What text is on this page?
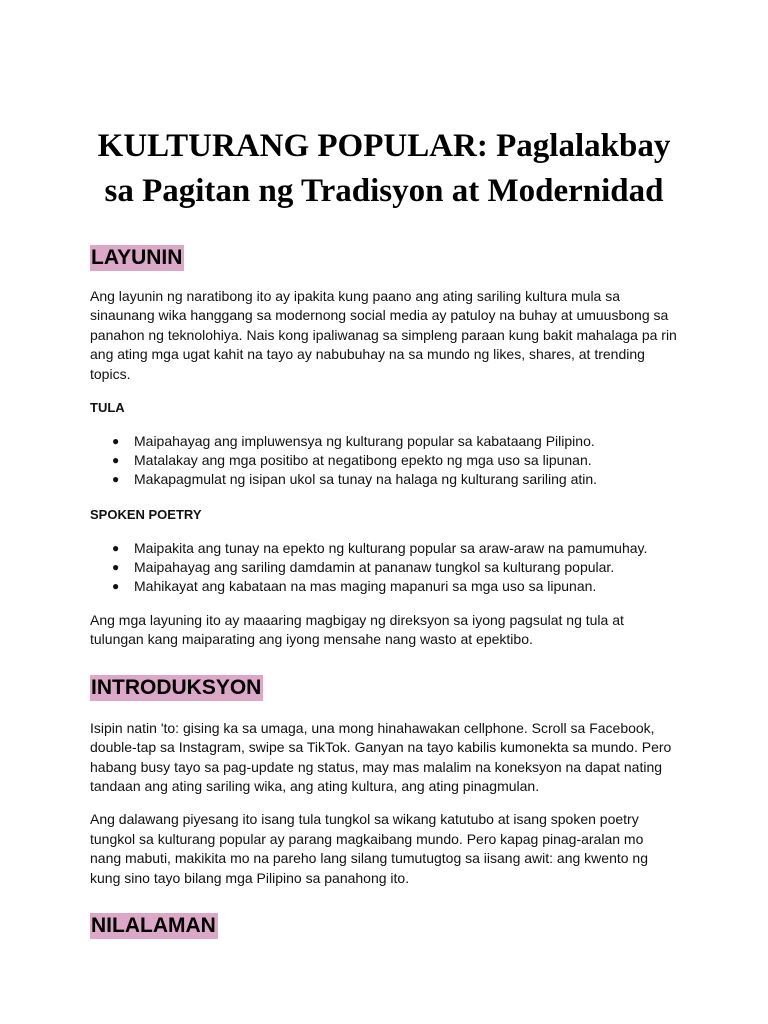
KULTURANG POPULAR: Paglalakbay
sa Pagitan ng Tradisyon at Modernidad
LAYUNIN

Ang layunin ng naratibong ito ay ipakita kung paano ang ating sariling kultura mula sa sinaunang wika hanggang sa modernong social media ay patuloy na buhay at umuusbong sa panahon ng teknolohiya. Nais kong ipaliwanag sa simpleng paraan kung bakit mahalaga pa rin ang ating mga ugat kahit na tayo ay nabubuhay na sa mundo ng likes, shares, at trending topics.

TULA
● Maipahayag ang impluwensya ng kulturang popular sa kabataang Pilipino.
● Matalakay ang mga positibo at negatibong epekto ng mga uso sa lipunan.
● Makapagmulat ng isipan ukol sa tunay na halaga ng kulturang sariling atin.
SPOKEN POETRY
● Maipakita ang tunay na epekto ng kulturang popular sa araw-araw na pamumuhay.
● Maipahayag ang sariling damdamin at pananaw tungkol sa kulturang popular.
● Mahikayat ang kabataan na mas maging mapanuri sa mga uso sa lipunan.

Ang mga layuning ito ay maaaring magbigay ng direksyon sa iyong pagsulat ng tula at tulungan kang maiparating ang iyong mensahe nang wasto at epektibo.

INTRODUKSYON

Isipin natin 'to: gising ka sa umaga, una mong hinahawakan cellphone. Scroll sa Facebook, double-tap sa Instagram, swipe sa TikTok. Ganyan na tayo kabilis kumonekta sa mundo. Pero habang busy tayo sa pag-update ng status, may mas malalim na koneksyon na dapat nating tandaan ang ating sariling wika, ang ating kultura, ang ating pinagmulan.

Ang dalawang piyesang ito isang tula tungkol sa wikang katutubo at isang spoken poetry tungkol sa kulturang popular ay parang magkaibang mundo. Pero kapag pinag-aralan mo nang mabuti, makikita mo na pareho lang silang tumutugtog sa iisang awit: ang kwento ng kung sino tayo bilang mga Pilipino sa panahong ito.

NILALAMAN
